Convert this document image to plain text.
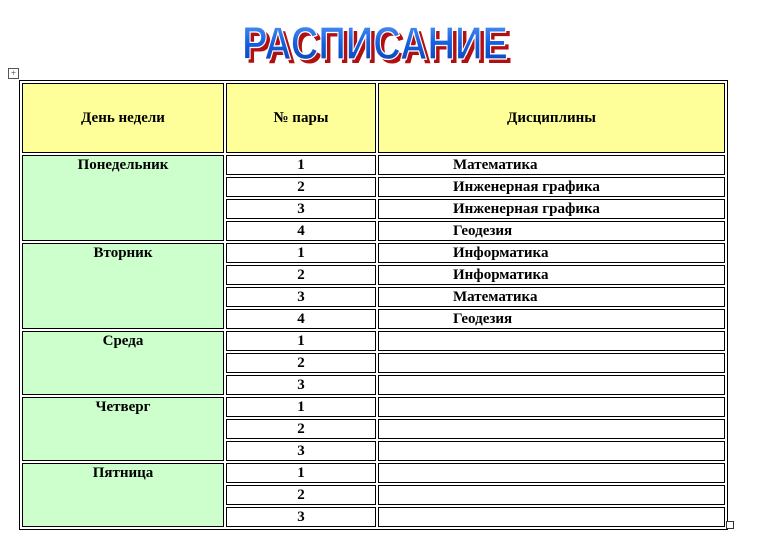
РАСПИСАНИЕ
РАСПИСАНИЕ
+
День недели	№ пары	Дисциплины
Понедельник	1	Математика
	2	Инженерная графика
	3	Инженерная графика
	4	Геодезия
Вторник	1	Информатика
	2	Информатика
	3	Математика
	4	Геодезия
Среда	1	
	2	
	3	
Четверг	1	
	2	
	3	
Пятница	1	
	2	
	3	
